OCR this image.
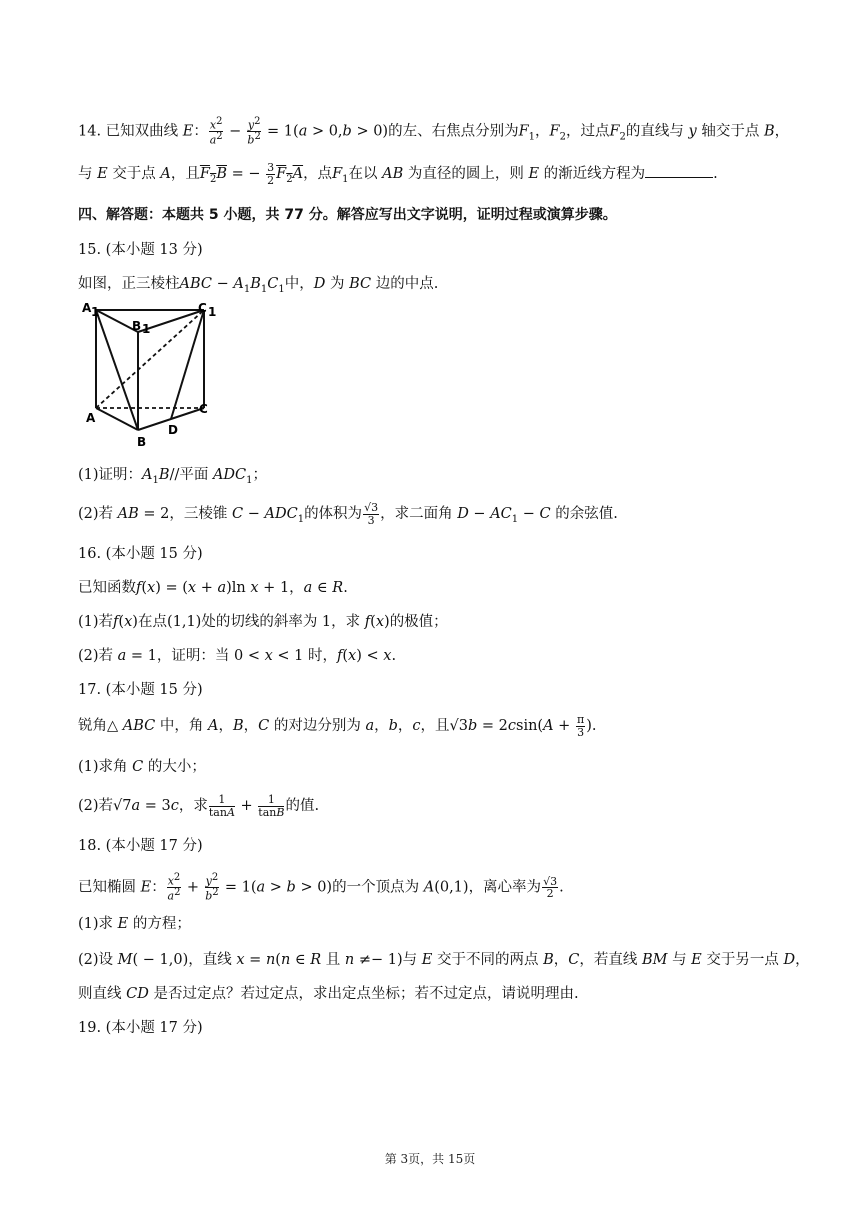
14. 已知双曲线 E： $\frac{x^2}{a^2} - \frac{y^2}{b^2} = 1(a > 0,b > 0)$的左、右焦点分别为$F_1$，$F_2$，过点$F_2$的直线与 y 轴交于点 B，
与 E 交于点 A，且$F_2B$ = − $\frac{3}{2} F_2A$，点$F_1$在以 AB 为直径的圆上，则 E 的渐近线方程为	.
四、解答题：本题共 5 小题，共 77 分。解答应写出文字说明，证明过程或演算步骤。
15. (本小题 13 分)
如图，正三棱柱ABC − $A_1B_1C_1$中，D 为 BC 边的中点.
A 1
B 1
C 1
A
B
C
D
(1)证明：$A_1B//$平面 $ADC_1$；
(2)若 AB = 2，三棱锥 $C - ADC_1$的体积为 $\frac{√3}{3}$ ，求二面角 $D - AC_1 - C$ 的余弦值.
16. (本小题 15 分)
已知函数f(x) = (x + a)ln x + 1，a ∈ R.
(1)若f(x)在点(1,1)处的切线的斜率为 1，求 f(x)的极值；
(2)若 a = 1，证明：当 0 < x < 1 时，f(x) < x.
17. (本小题 15 分)
锐角△ ABC 中，角 A，B，C 的对边分别为 a，b，c，且$√3b = 2csin(A + \frac{\pi}{3}$ ).
(1)求角 C 的大小；
(2)若√7a = 3c，求 $\frac{1}{\tan A} + \frac{1}{\tan B}$ 的值.
18. (本小题 17 分)
已知椭圆 E： $\frac{x^2}{a^2} + \frac{y^2}{b^2} = 1(a > b > 0)$的一个顶点为 A(0,1)，离心率为 $\frac{√3}{2}$ .
(1)求 E 的方程；
(2)设 M( − 1,0)，直线 x = n(n ∈ R 且 n ≠− 1)与 E 交于不同的两点 B，C，若直线 BM 与 E 交于另一点 D，
则直线 CD 是否过定点？若过定点，求出定点坐标；若不过定点，请说明理由.
19. (本小题 17 分)
第 3页，共 15页
